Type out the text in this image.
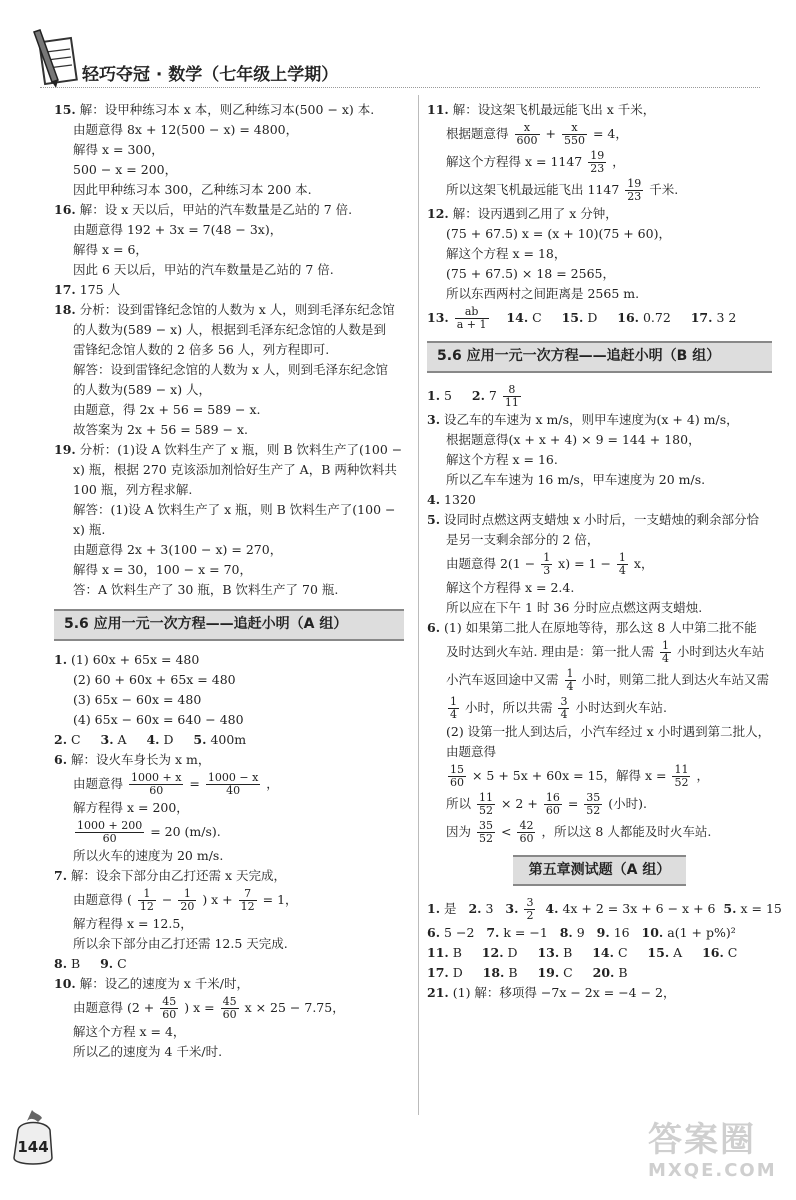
轻巧夺冠 · 数学（七年级上学期）
15. 解：设甲种练习本 x 本，则乙种练习本(500 − x) 本.
由题意得 8x + 12(500 − x) = 4800，
解得 x = 300，
500 − x = 200，
因此甲种练习本 300，乙种练习本 200 本.
16. 解：设 x 天以后，甲站的汽车数量是乙站的 7 倍.
由题意得 192 + 3x = 7(48 − 3x)，
解得 x = 6，
因此 6 天以后，甲站的汽车数量是乙站的 7 倍.
17. 175 人
18. 分析：设到雷锋纪念馆的人数为 x 人，则到毛泽东纪念馆
的人数为(589 − x) 人，根据到毛泽东纪念馆的人数是到
雷锋纪念馆人数的 2 倍多 56 人，列方程即可.
解答：设到雷锋纪念馆的人数为 x 人，则到毛泽东纪念馆
的人数为(589 − x) 人，
由题意，得 2x + 56 = 589 − x.
故答案为 2x + 56 = 589 − x.
19. 分析：(1)设 A 饮料生产了 x 瓶，则 B 饮料生产了(100 −
x) 瓶，根据 270 克该添加剂恰好生产了 A，B 两种饮料共
100 瓶，列方程求解.
解答：(1)设 A 饮料生产了 x 瓶，则 B 饮料生产了(100 −
x) 瓶.
由题意得 2x + 3(100 − x) = 270，
解得 x = 30，100 − x = 70，
答：A 饮料生产了 30 瓶，B 饮料生产了 70 瓶.
5.6 应用一元一次方程——追赶小明（A 组）
1. (1) 60x + 65x = 480
(2) 60 + 60x + 65x = 480
(3) 65x − 60x = 480
(4) 65x − 60x = 640 − 480
2. C 3. A 4. D 5. 400m
6. 解：设火车身长为 x m，
由题意得 $\frac{1000 + x}{60} = \frac{1000 - x}{40}$ ，
解方程得 x = 200，
$\frac{1000 + 200}{60} = 20$ (m/s).
所以火车的速度为 20 m/s.
7. 解：设余下部分由乙打还需 x 天完成，
由题意得 ( $\frac{1}{12} - \frac{1}{20}$ ) $x + \frac{7}{12} = 1$，
解方程得 x = 12.5，
所以余下部分由乙打还需 12.5 天完成.
8. B 9. C
10. 解：设乙的速度为 x 千米/时，
由题意得 ($2 + \frac{45}{60}$ ) $x = \frac{45}{60}$ x × 25 − 7.75，
解这个方程 x = 4，
所以乙的速度为 4 千米/时.
11. 解：设这架飞机最远能飞出 x 千米，
根据题意得 $\frac{x}{600} + \frac{x}{550} = 4$，
解这个方程得 $x = 1147 \frac{19}{23}$ ，
所以这架飞机最远能飞出 $1147 \frac{19}{23}$ 千米.
12. 解：设丙遇到乙用了 x 分钟，
(75 + 67.5) x = (x + 10)(75 + 60)，
解这个方程 x = 18，
(75 + 67.5) × 18 = 2565，
所以东西两村之间距离是 2565 m.
13. $\frac{ab}{a + 1} 14$. C 15. D 16. 0.72 17. 3 2
5.6 应用一元一次方程——追赶小明（B 组）
1. 5 2. $7 \frac{8}{11}$
3. 设乙车的车速为 x m/s，则甲车速度为(x + 4) m/s，
根据题意得(x + x + 4) × 9 = 144 + 180，
解这个方程 x = 16.
所以乙车车速为 16 m/s，甲车速度为 20 m/s.
4. 1320
5. 设同时点燃这两支蜡烛 x 小时后，一支蜡烛的剩余部分恰
是另一支剩余部分的 2 倍，
由题意得 $2(1 - \frac{1}{3} x) = 1 - \frac{1}{4}$ x，
解这个方程得 x = 2.4.
所以应在下午 1 时 36 分时应点燃这两支蜡烛.
6. (1) 如果第二批人在原地等待，那么这 8 人中第二批不能
及时达到火车站. 理由是：第一批人需 $\frac{1}{4}$ 小时到达火车站
小汽车返回途中又需 $\frac{1}{4}$ 小时，则第二批人到达火车站又需
$\frac{1}{4}$ 小时，所以共需 $\frac{3}{4}$ 小时达到火车站.
(2) 设第一批人到达后，小汽车经过 x 小时遇到第二批人，
由题意得
$\frac{15}{60} \times 5 + 5x + 60x = 15$，解得 $x = \frac{11}{52}$ ，
所以 $\frac{11}{52} \times 2 + \frac{16}{60} = \frac{35}{52}$ (小时).
因为 $\frac{35}{52} < \frac{42}{60}$ ，所以这 8 人都能及时火车站.
第五章测试题（A 组）
1. 是 2. 3 3. $\frac{3}{2} 4$. 4x + 2 = 3x + 6 − x + 6 5. x = 15
6. 5 −2 7. k = −1 8. 9 9. 16 10. a(1 + p%)²
11. B 12. D 13. B 14. C 15. A 16. C
17. D 18. B 19. C 20. B
21. (1) 解：移项得 −7x − 2x = −4 − 2，
144	答案圈
MXQE.COM
